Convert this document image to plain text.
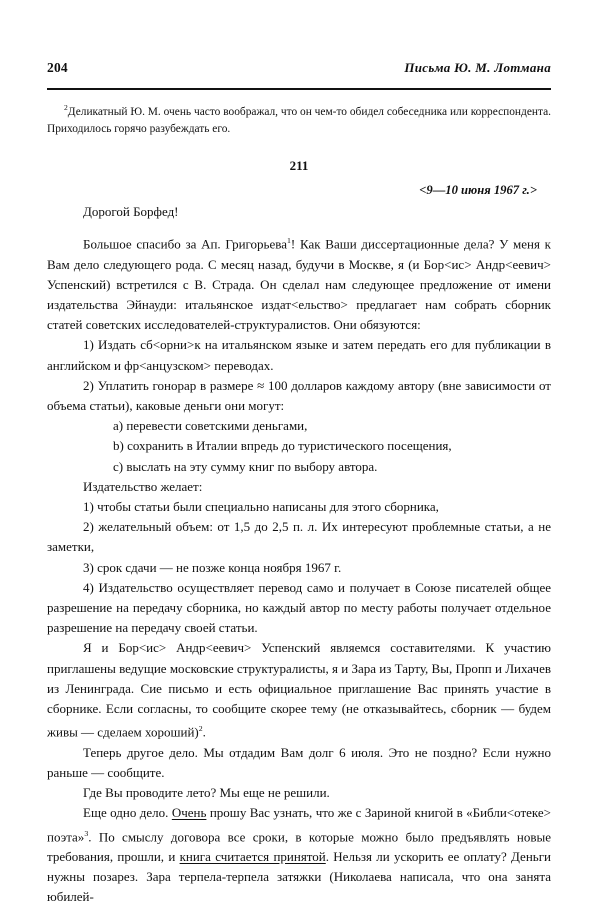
204	Письма Ю. М. Лотмана
$^2$Деликатный Ю. М. очень часто воображал, что он чем-то обидел собеседника или корреспондента. Приходилось горячо разубеждать его.
211
<9—10 июня 1967 г.>
Дорогой Борфед!

Большое спасибо за Ап. Григорьева$^1$! Как Ваши диссертационные дела? У меня к Вам дело следующего рода. С месяц назад, будучи в Москве, я (и Бор<ис> Андр<еевич> Успенский) встретился с В. Страда. Он сделал нам следующее предложение от имени издательства Эйнауди: итальянское издат<ельство> предлагает нам собрать сборник статей советских исследователей-структуралистов. Они обязуются:

1) Издать сб<орни>к на итальянском языке и затем передать его для публикации в английском и фр<анцузском> переводах.

2) Уплатить гонорар в размере ≈ 100 долларов каждому автору (вне зависимости от объема статьи), каковые деньги они могут:

a) перевести советскими деньгами,

b) сохранить в Италии впредь до туристического посещения,

c) выслать на эту сумму книг по выбору автора.

Издательство желает:

1) чтобы статьи были специально написаны для этого сборника,

2) желательный объем: от 1,5 до 2,5 п. л. Их интересуют проблемные статьи, а не заметки,

3) срок сдачи — не позже конца ноября 1967 г.

4) Издательство осуществляет перевод само и получает в Союзе писателей общее разрешение на передачу сборника, но каждый автор по месту работы получает отдельное разрешение на передачу своей статьи.

Я и Бор<ис> Андр<еевич> Успенский являемся составителями. К участию приглашены ведущие московские структуралисты, я и Зара из Тарту, Вы, Пропп и Лихачев из Ленинграда. Сие письмо и есть официальное приглашение Вас принять участие в сборнике. Если согласны, то сообщите скорее тему (не отказывайтесь, сборник — будем живы — сделаем хороший)$^2$.

Теперь другое дело. Мы отдадим Вам долг 6 июля. Это не поздно? Если нужно раньше — сообщите.

Где Вы проводите лето? Мы еще не решили.

Еще одно дело. Очень прошу Вас узнать, что же с Зариной книгой в «Библи<отеке> поэта»$^3$. По смыслу договора все сроки, в которые можно было предъявлять новые требования, прошли, и книга считается принятой. Нельзя ли ускорить ее оплату? Деньги нужны позарез. Зара терпела-терпела затяжки (Николаева написала, что она занята юбилей-
